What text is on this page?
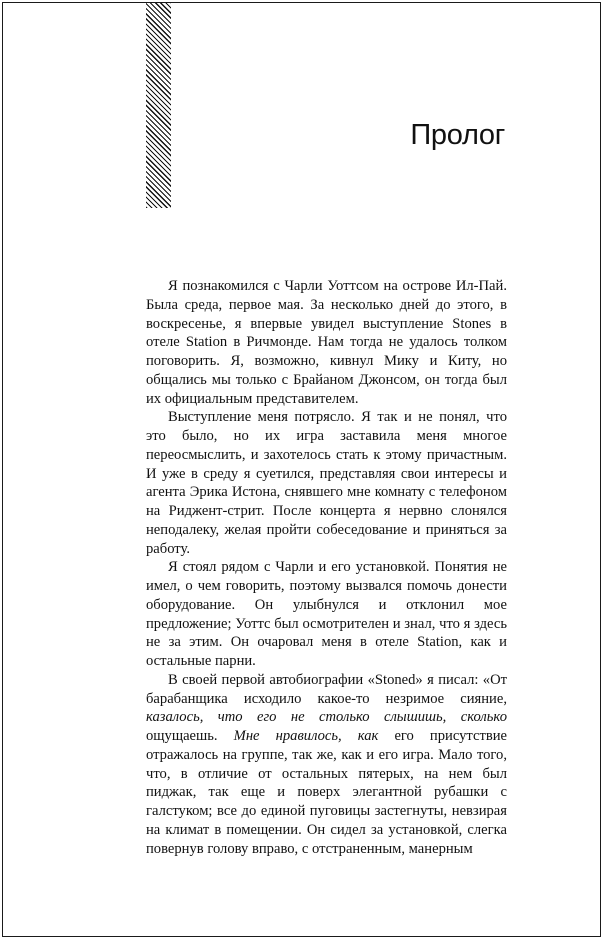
Пролог

Я познакомился с Чарли Уоттсом на острове Ил-Пай. Была среда, первое мая. За несколько дней до этого, в воскресенье, я впервые увидел выступление Stones в отеле Station в Ричмонде. Нам тогда не удалось толком поговорить. Я, возможно, кивнул Мику и Киту, но общались мы только с Брайаном Джонсом, он тогда был их официальным представителем.

Выступление меня потрясло. Я так и не понял, что это было, но их игра заставила меня многое переосмыслить, и захотелось стать к этому причастным. И уже в среду я суетился, представляя свои интересы и агента Эрика Истона, снявшего мне комнату с телефоном на Риджент-стрит. После концерта я нервно слонялся неподалеку, желая пройти собеседование и приняться за работу.

Я стоял рядом с Чарли и его установкой. Понятия не имел, о чем говорить, поэтому вызвался помочь донести оборудование. Он улыбнулся и отклонил мое предложение; Уоттс был осмотрителен и знал, что я здесь не за этим. Он очаровал меня в отеле Station, как и остальные парни.

В своей первой автобиографии «Stoned» я писал: «От барабанщика исходило какое-то незримое сияние, казалось, что его не столько слышишь, сколько ощущаешь. Мне нравилось, как его присутствие отражалось на группе, так же, как и его игра. Мало того, что, в отличие от остальных пятерых, на нем был пиджак, так еще и поверх элегантной рубашки с галстуком; все до единой пуговицы застегнуты, невзирая на климат в помещении. Он сидел за установкой, слегка повернув голову вправо, с отстраненным, манерным
